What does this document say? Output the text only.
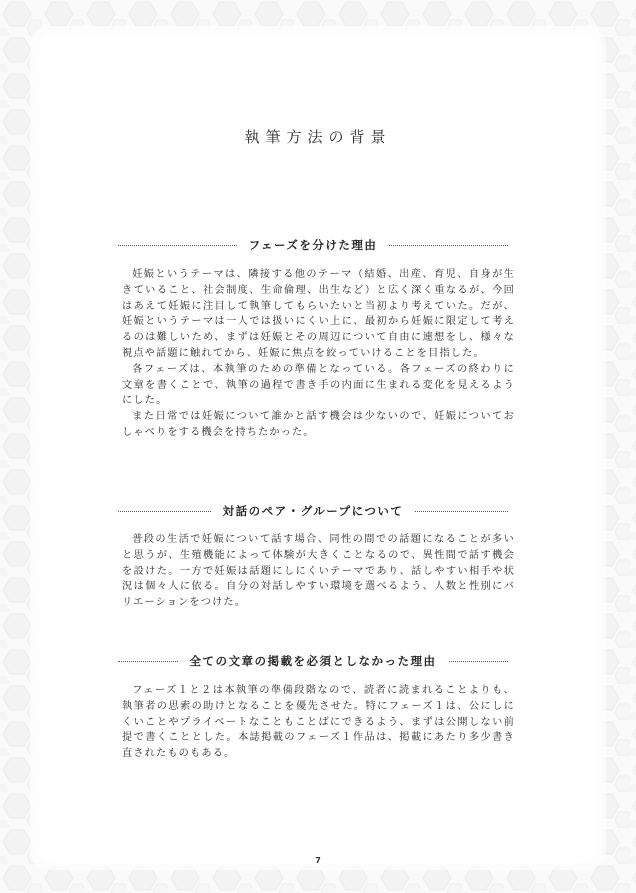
執筆方法の背景
フェーズを分けた理由

妊娠というテーマは、隣接する他のテーマ（結婚、出産、育児、自身が生きていること、社会制度、生命倫理、出生など）と広く深く重なるが、今回はあえて妊娠に注目して執筆してもらいたいと当初より考えていた。だが、妊娠というテーマは一人では扱いにくい上に、最初から妊娠に限定して考えるのは難しいため、まずは妊娠とその周辺について自由に連想をし、様々な視点や話題に触れてから、妊娠に焦点を絞っていけることを目指した。

各フェーズは、本執筆のための準備となっている。各フェーズの終わりに文章を書くことで、執筆の過程で書き手の内面に生まれる変化を見えるようにした。

また日常では妊娠について誰かと話す機会は少ないので、妊娠についておしゃべりをする機会を持ちたかった。

対話のペア・グループについて

普段の生活で妊娠について話す場合、同性の間での話題になることが多いと思うが、生殖機能によって体験が大きくことなるので、異性間で話す機会を設けた。一方で妊娠は話題にしにくいテーマであり、話しやすい相手や状況は個々人に依る。自分の対話しやすい環境を選べるよう、人数と性別にバリエーションをつけた。

全ての文章の掲載を必須としなかった理由

フェーズ１と２は本執筆の準備段階なので、読者に読まれることよりも、執筆者の思索の助けとなることを優先させた。特にフェーズ１は、公にしにくいことやプライベートなこともことばにできるよう、まずは公開しない前提で書くこととした。本誌掲載のフェーズ１作品は、掲載にあたり多少書き直されたものもある。

7
